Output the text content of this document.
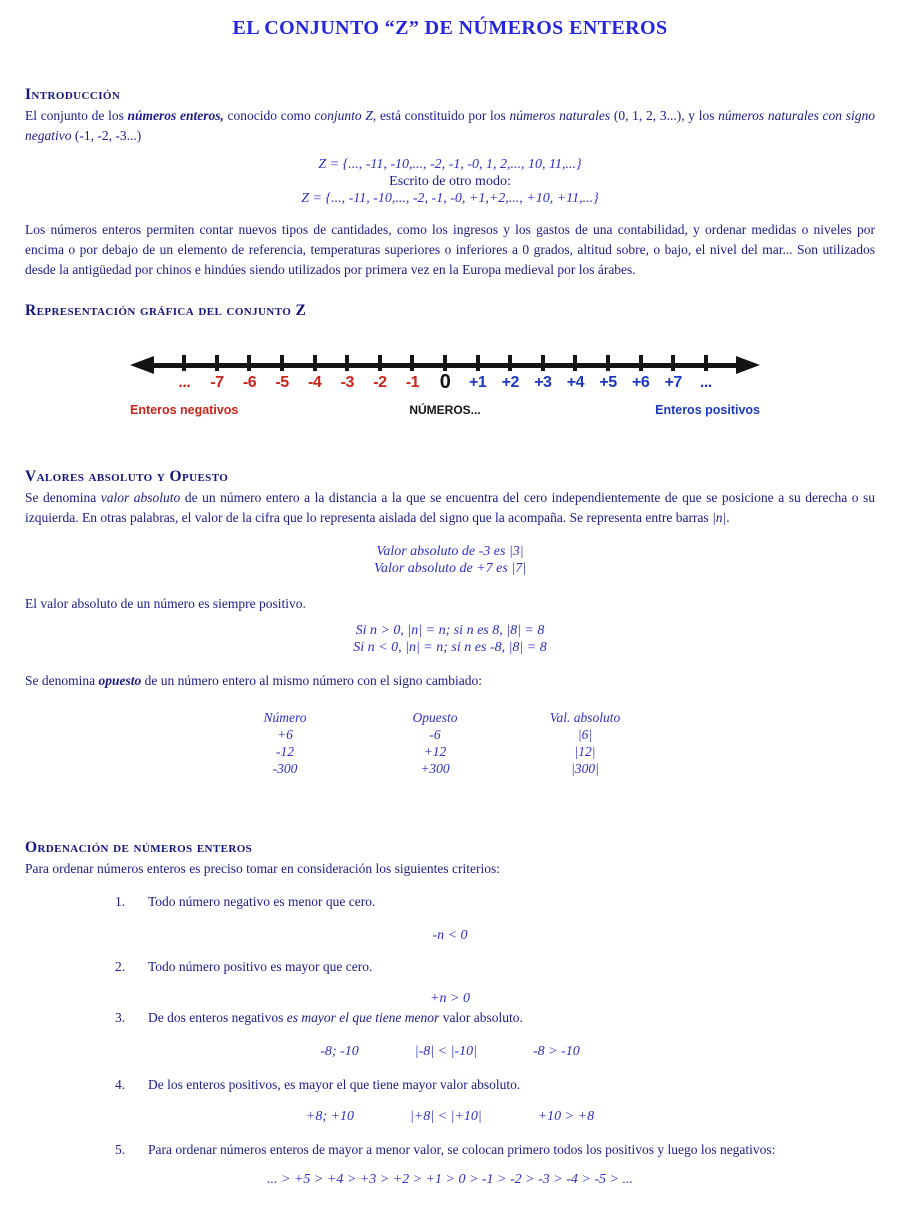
EL CONJUNTO “Z” DE NÚMEROS ENTEROS
Introducción

El conjunto de los números enteros, conocido como conjunto Z, está constituido por los números naturales (0, 1, 2, 3...), y los números naturales con signo negativo (-1, -2, -3...)

Z = {..., -11, -10,..., -2, -1, -0, 1, 2,..., 10, 11,...}

Escrito de otro modo:

Z = {..., -11, -10,..., -2, -1, -0, +1,+2,..., +10, +11,...}

Los números enteros permiten contar nuevos tipos de cantidades, como los ingresos y los gastos de una contabilidad, y ordenar medidas o niveles por encima o por debajo de un elemento de referencia, temperaturas superiores o inferiores a 0 grados, altitud sobre, o bajo, el nivel del mar... Son utilizados desde la antigüedad por chinos e hindúes siendo utilizados por primera vez en la Europa medieval por los árabes.

Representación gráfica del conjunto Z
...	-7	-6	-5	-4	-3	-2	-1	0	+1 +2 +3 +4 +5 +6 +7	...
Enteros negativos	NÚMEROS...	Enteros positivos
Valores absoluto y Opuesto

Se denomina valor absoluto de un número entero a la distancia a la que se encuentra del cero independientemente de que se posicione a su derecha o su izquierda. En otras palabras, el valor de la cifra que lo representa aislada del signo que la acompaña. Se representa entre barras |n|.

Valor absoluto de -3 es |3|

Valor absoluto de +7 es |7|

El valor absoluto de un número es siempre positivo.

Si n > 0, |n| = n; si n es 8, |8| = 8

Si n < 0, |n| = n; si n es -8, |8| = 8

Se denomina opuesto de un número entero al mismo número con el signo cambiado:

Número	Opuesto	Val. absoluto
+6	-6	|6|
-12	+12	|12|
-300	+300	|300|
Ordenación de números enteros

Para ordenar números enteros es preciso tomar en consideración los siguientes criterios:

1. Todo número negativo es menor que cero.
-n < 0
2. Todo número positivo es mayor que cero.
+n > 0
3. De dos enteros negativos es mayor el que tiene menor valor absoluto.
-8; -10	|-8| < |-10|	-8 > -10
4. De los enteros positivos, es mayor el que tiene mayor valor absoluto.
+8; +10	|+8| < |+10|	+10 > +8
5. Para ordenar números enteros de mayor a menor valor, se colocan primero todos los positivos y luego los negativos:
... > +5 > +4 > +3 > +2 > +1 > 0 > -1 > -2 > -3 > -4 > -5 > ...
